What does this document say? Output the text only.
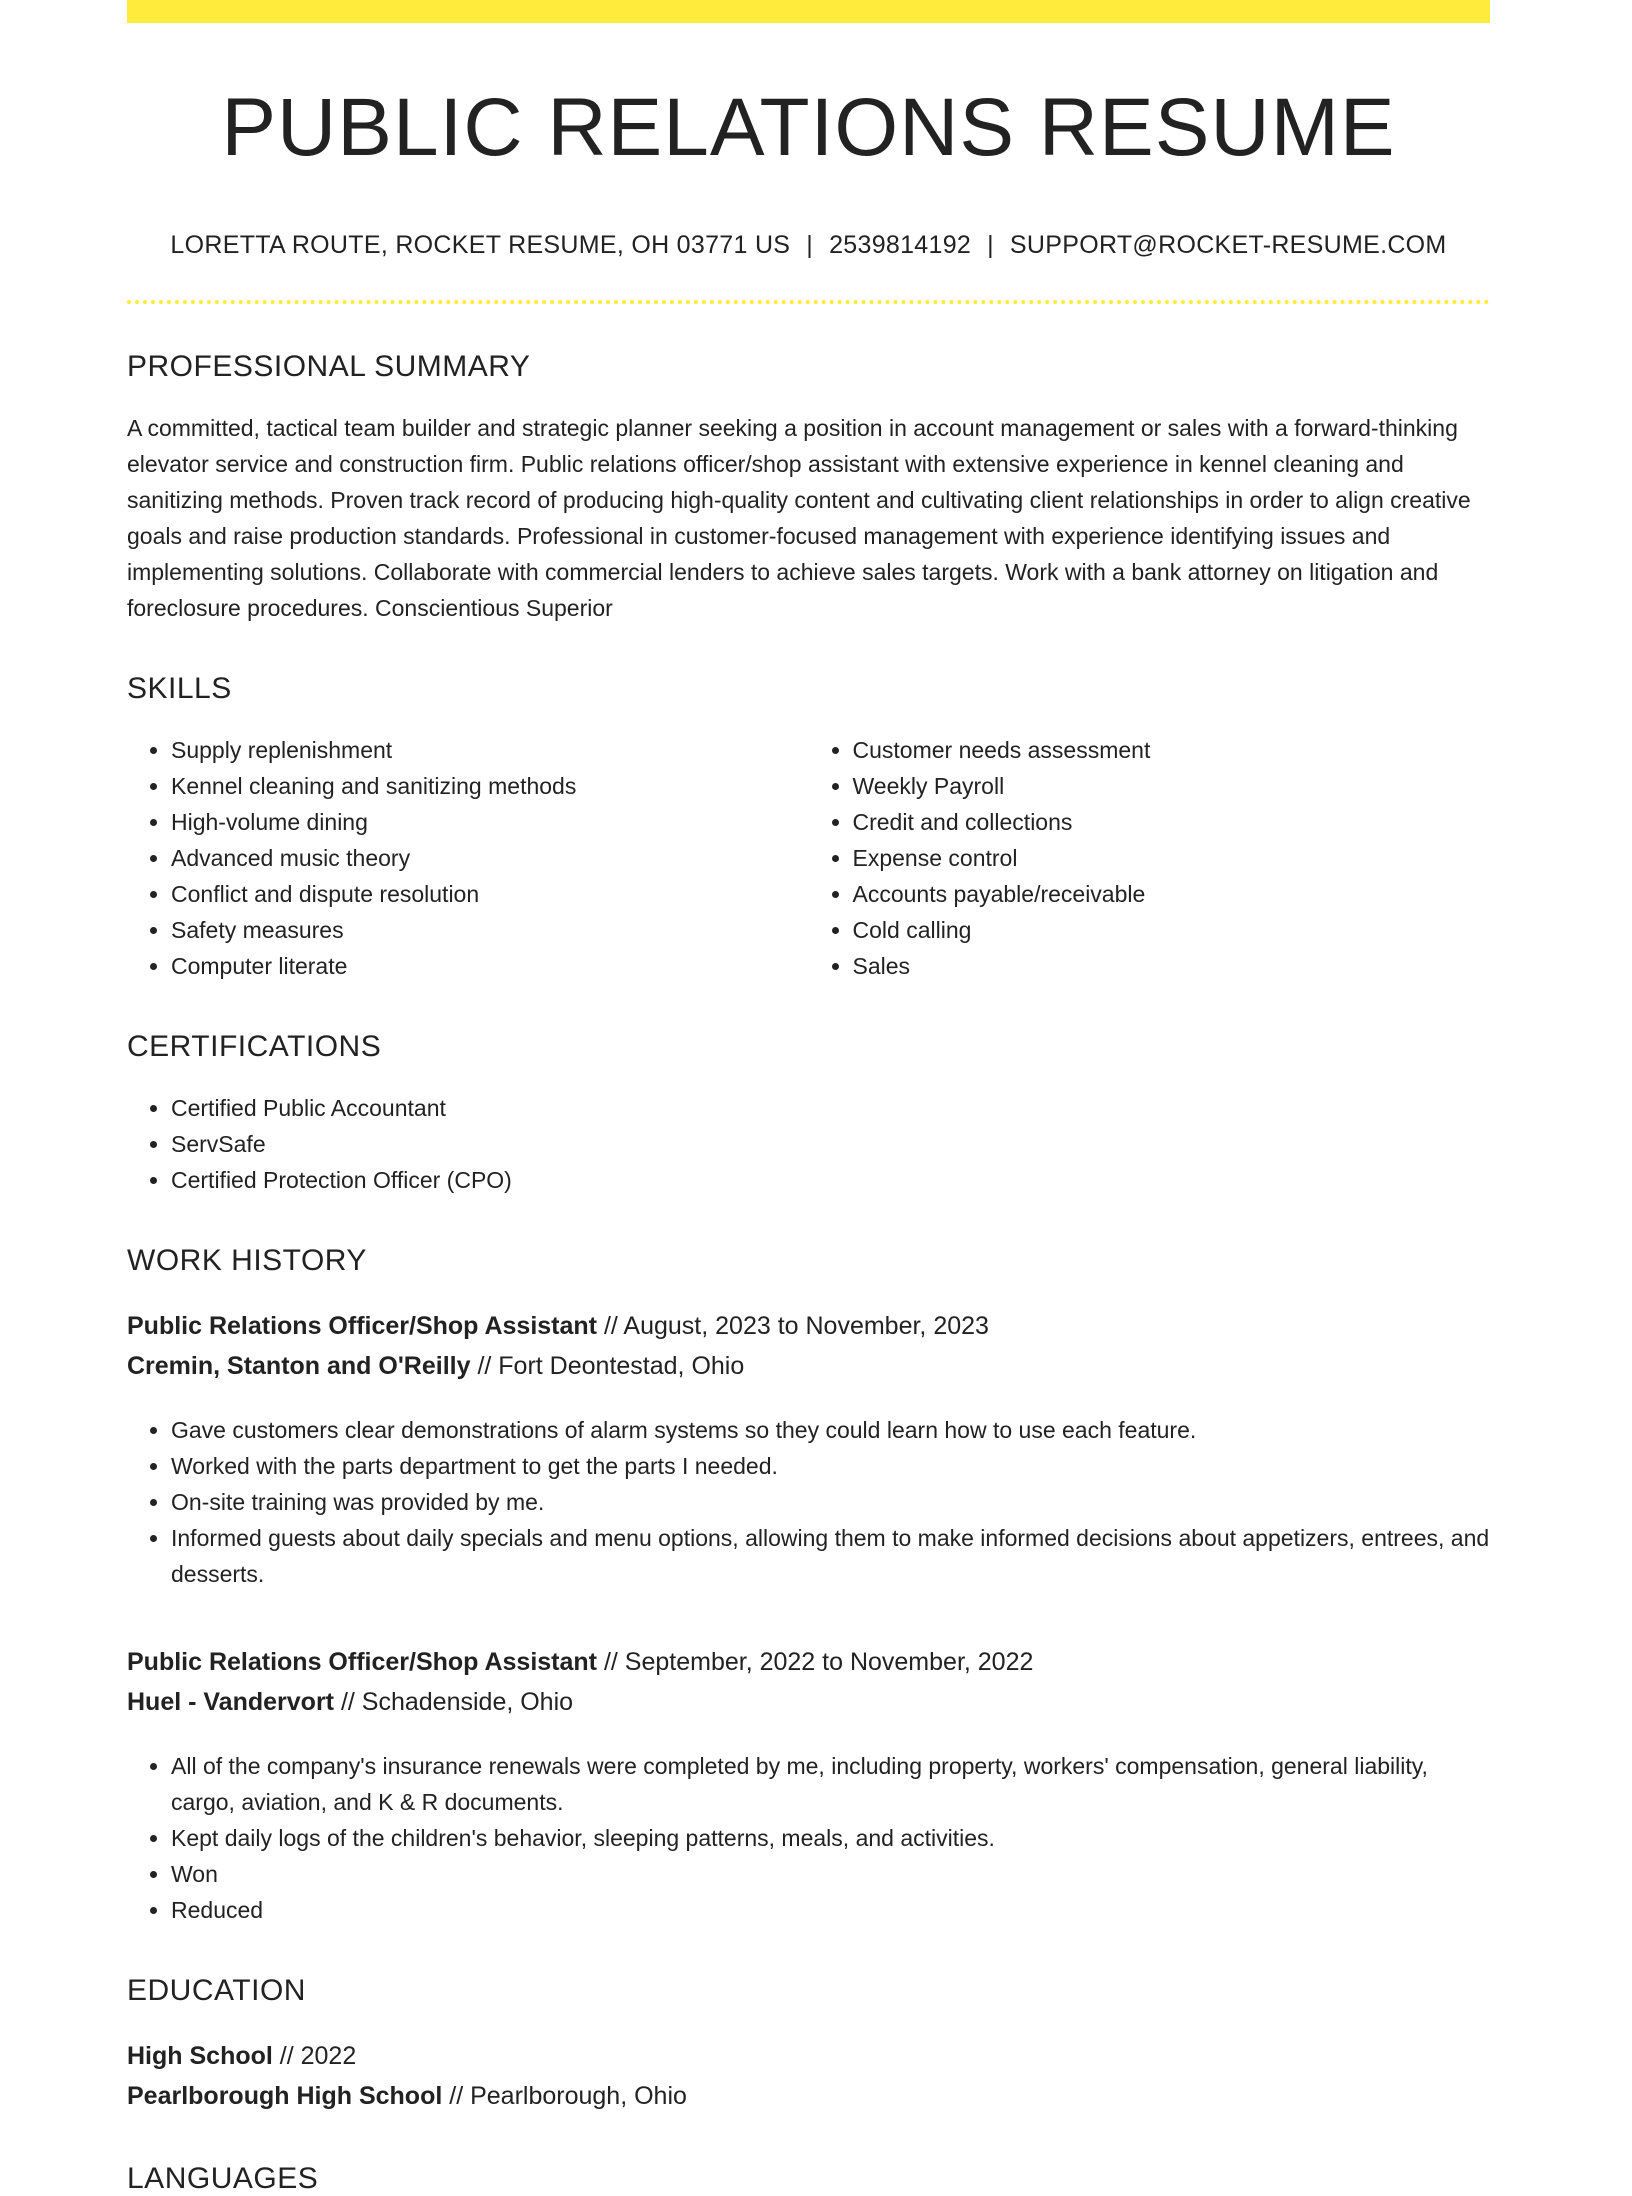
PUBLIC RELATIONS RESUME
LORETTA ROUTE, ROCKET RESUME, OH 03771 US | 2539814192 | SUPPORT@ROCKET-RESUME.COM
PROFESSIONAL SUMMARY
A committed, tactical team builder and strategic planner seeking a position in account management or sales with a forward-thinking elevator service and construction firm. Public relations officer/shop assistant with extensive experience in kennel cleaning and sanitizing methods. Proven track record of producing high-quality content and cultivating client relationships in order to align creative goals and raise production standards. Professional in customer-focused management with experience identifying issues and implementing solutions. Collaborate with commercial lenders to achieve sales targets. Work with a bank attorney on litigation and foreclosure procedures. Conscientious Superior
SKILLS
• Supply replenishment
• Kennel cleaning and sanitizing methods
• High-volume dining
• Advanced music theory
• Conflict and dispute resolution
• Safety measures
• Computer literate
• Customer needs assessment
• Weekly Payroll
• Credit and collections
• Expense control
• Accounts payable/receivable
• Cold calling
• Sales
CERTIFICATIONS
• Certified Public Accountant
• ServSafe
• Certified Protection Officer (CPO)
WORK HISTORY
Public Relations Officer/Shop Assistant // August, 2023 to November, 2023
Cremin, Stanton and O'Reilly // Fort Deontestad, Ohio
• Gave customers clear demonstrations of alarm systems so they could learn how to use each feature.
• Worked with the parts department to get the parts I needed.
• On-site training was provided by me.
• Informed guests about daily specials and menu options, allowing them to make informed decisions about appetizers, entrees, and desserts.
Public Relations Officer/Shop Assistant // September, 2022 to November, 2022
Huel - Vandervort // Schadenside, Ohio
• All of the company's insurance renewals were completed by me, including property, workers' compensation, general liability, cargo, aviation, and K & R documents.
• Kept daily logs of the children's behavior, sleeping patterns, meals, and activities.
• Won
• Reduced
EDUCATION
High School // 2022
Pearlborough High School // Pearlborough, Ohio
LANGUAGES
